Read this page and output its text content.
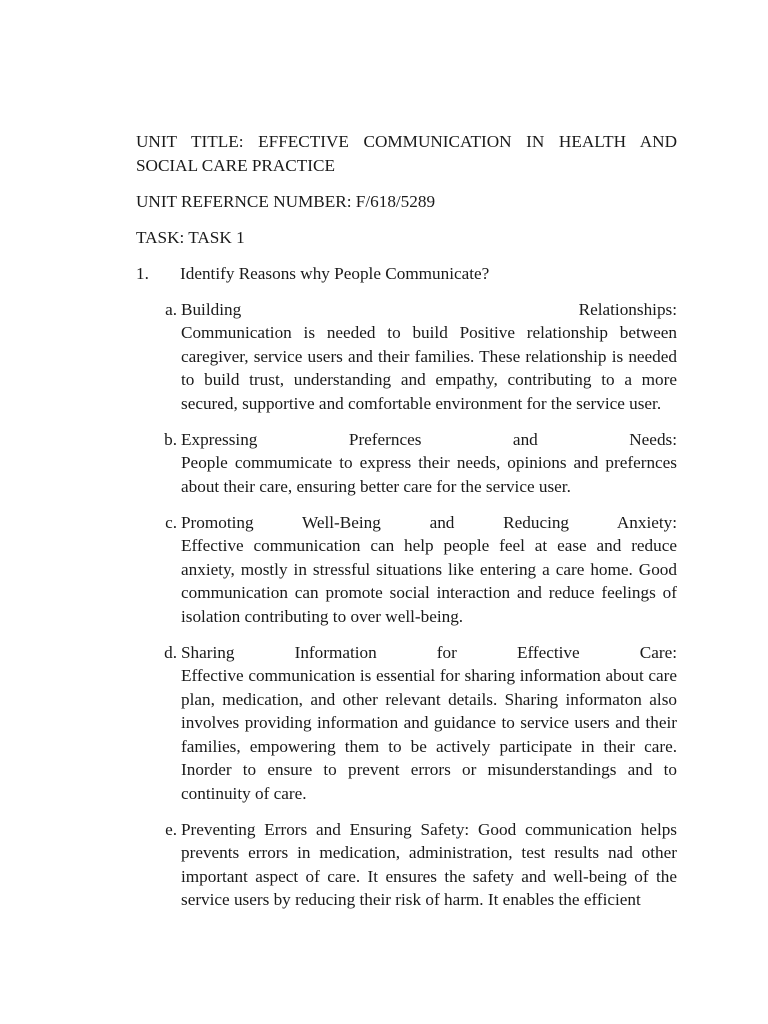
UNIT TITLE: EFFECTIVE COMMUNICATION IN HEALTH AND SOCIAL CARE PRACTICE

UNIT REFERNCE NUMBER: F/618/5289

TASK: TASK 1

1.	Identify Reasons why People Communicate?
a. Building Relationships:
Communication is needed to build Positive relationship between caregiver, service users and their families. These relationship is needed to build trust, understanding and empathy, contributing to a more secured, supportive and comfortable environment for the service user.
b. Expressing Prefernces and Needs:
People commumicate to express their needs, opinions and prefernces about their care, ensuring better care for the service user.
c. Promoting Well-Being and Reducing Anxiety:
Effective communication can help people feel at ease and reduce anxiety, mostly in stressful situations like entering a care home. Good communication can promote social interaction and reduce feelings of isolation contributing to over well-being.
d. Sharing Information for Effective Care:
Effective communication is essential for sharing information about care plan, medication, and other relevant details. Sharing informaton also involves providing information and guidance to service users and their families, empowering them to be actively participate in their care. Inorder to ensure to prevent errors or misunderstandings and to continuity of care.
e. Preventing Errors and Ensuring Safety: Good communication helps prevents errors in medication, administration, test results nad other important aspect of care. It ensures the safety and well-being of the service users by reducing their risk of harm. It enables the efficient
